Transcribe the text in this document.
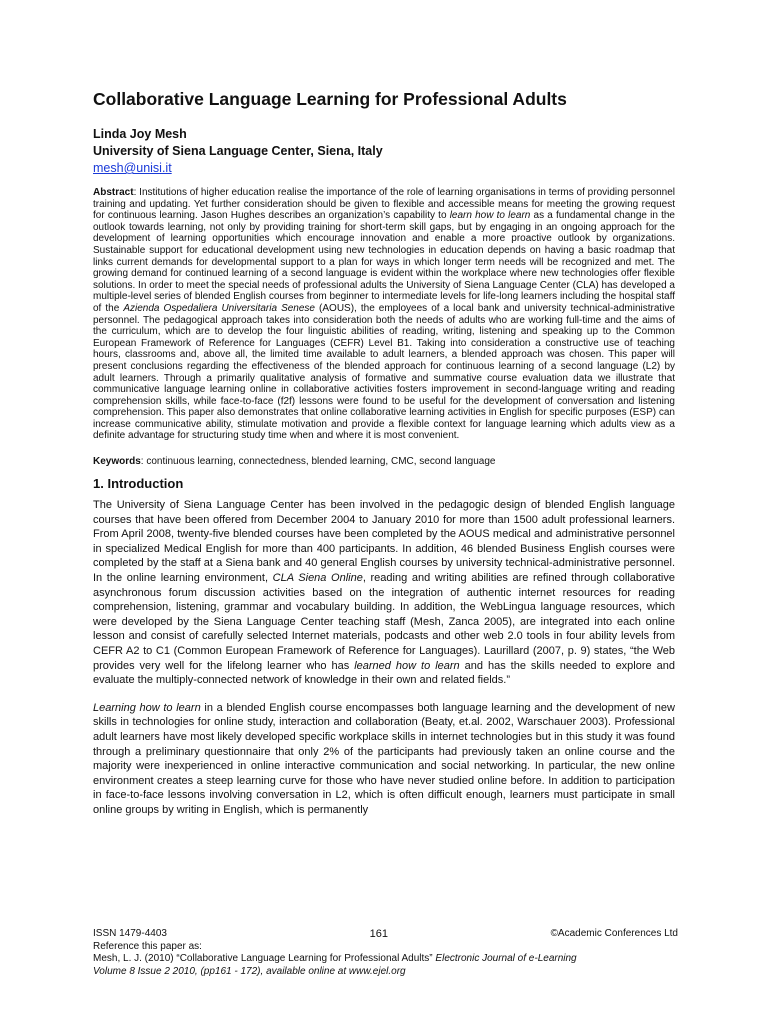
Collaborative Language Learning for Professional Adults
Linda Joy Mesh
University of Siena Language Center, Siena, Italy
mesh@unisi.it

Abstract: Institutions of higher education realise the importance of the role of learning organisations in terms of providing personnel training and updating. Yet further consideration should be given to flexible and accessible means for meeting the growing request for continuous learning. Jason Hughes describes an organization’s capability to learn how to learn as a fundamental change in the outlook towards learning, not only by providing training for short-term skill gaps, but by engaging in an ongoing approach for the development of learning opportunities which encourage innovation and enable a more proactive outlook by organizations. Sustainable support for educational development using new technologies in education depends on having a basic roadmap that links current demands for developmental support to a plan for ways in which longer term needs will be recognized and met. The growing demand for continued learning of a second language is evident within the workplace where new technologies offer flexible solutions. In order to meet the special needs of professional adults the University of Siena Language Center (CLA) has developed a multiple-level series of blended English courses from beginner to intermediate levels for life-long learners including the hospital staff of the Azienda Ospedaliera Universitaria Senese (AOUS), the employees of a local bank and university technical-administrative personnel. The pedagogical approach takes into consideration both the needs of adults who are working full-time and the aims of the curriculum, which are to develop the four linguistic abilities of reading, writing, listening and speaking up to the Common European Framework of Reference for Languages (CEFR) Level B1. Taking into consideration a constructive use of teaching hours, classrooms and, above all, the limited time available to adult learners, a blended approach was chosen. This paper will present conclusions regarding the effectiveness of the blended approach for continuous learning of a second language (L2) by adult learners. Through a primarily qualitative analysis of formative and summative course evaluation data we illustrate that communicative language learning online in collaborative activities fosters improvement in second-language writing and reading comprehension skills, while face-to-face (f2f) lessons were found to be useful for the development of conversation and listening comprehension. This paper also demonstrates that online collaborative learning activities in English for specific purposes (ESP) can increase communicative ability, stimulate motivation and provide a flexible context for language learning which adults view as a definite advantage for structuring study time when and where it is most convenient.

Keywords: continuous learning, connectedness, blended learning, CMC, second language

1. Introduction

The University of Siena Language Center has been involved in the pedagogic design of blended English language courses that have been offered from December 2004 to January 2010 for more than 1500 adult professional learners. From April 2008, twenty-five blended courses have been completed by the AOUS medical and administrative personnel in specialized Medical English for more than 400 participants. In addition, 46 blended Business English courses were completed by the staff at a Siena bank and 40 general English courses by university technical-administrative personnel. In the online learning environment, CLA Siena Online, reading and writing abilities are refined through collaborative asynchronous forum discussion activities based on the integration of authentic internet resources for reading comprehension, listening, grammar and vocabulary building. In addition, the WebLingua language resources, which were developed by the Siena Language Center teaching staff (Mesh, Zanca 2005), are integrated into each online lesson and consist of carefully selected Internet materials, podcasts and other web 2.0 tools in four ability levels from CEFR A2 to C1 (Common European Framework of Reference for Languages). Laurillard (2007, p. 9) states, “the Web provides very well for the lifelong learner who has learned how to learn and has the skills needed to explore and evaluate the multiply-connected network of knowledge in their own and related fields.”

Learning how to learn in a blended English course encompasses both language learning and the development of new skills in technologies for online study, interaction and collaboration (Beaty, et.al. 2002, Warschauer 2003). Professional adult learners have most likely developed specific workplace skills in internet technologies but in this study it was found through a preliminary questionnaire that only 2% of the participants had previously taken an online course and the majority were inexperienced in online interactive communication and social networking. In particular, the new online environment creates a steep learning curve for those who have never studied online before. In addition to participation in face-to-face lessons involving conversation in L2, which is often difficult enough, learners must participate in small online groups by writing in English, which is permanently

ISSN 1479-4403	161	©Academic Conferences Ltd
Reference this paper as:
Mesh, L. J. (2010) “Collaborative Language Learning for Professional Adults” Electronic Journal of e-Learning
Volume 8 Issue 2 2010, (pp161 - 172), available online at www.ejel.org
